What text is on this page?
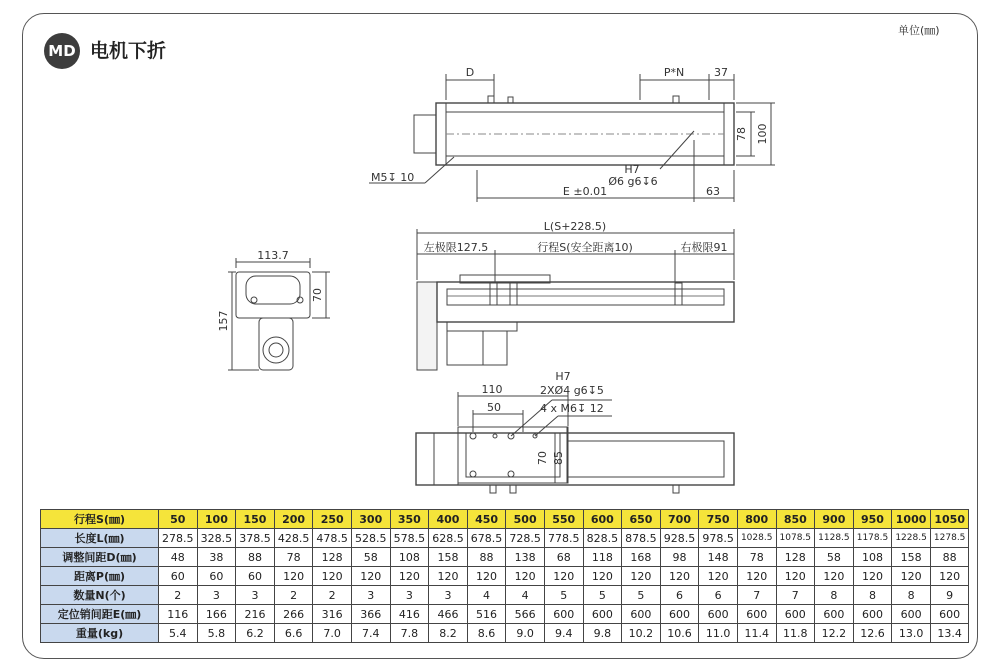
MD 电机下折
单位(㎜)
D	P*N	37
78 100
M5↧ 10
H7
Ø6 g6↧6
E ±0.01	63
L(S+228.5)
左极限127.5	行程S(安全距离10)	右极限91
113.7
70
157
H7
2XØ4 g6↧5
4 x M6↧ 12
110
50
70 85
行程S(㎜)	50	100	150	200	250	300	350	400	450	500	550	600	650	700	750	800	850	900	950	1000	1050
长度L(㎜)	278.5	328.5	378.5	428.5	478.5	528.5	578.5	628.5	678.5	728.5	778.5	828.5	878.5	928.5	978.5	1028.5	1078.5	1128.5	1178.5	1228.5	1278.5
调整间距D(㎜)	48	38	88	78	128	58	108	158	88	138	68	118	168	98	148	78	128	58	108	158	88
距离P(㎜)	60	60	60	120	120	120	120	120	120	120	120	120	120	120	120	120	120	120	120	120	120
数量N(个)	2	3	3	2	2	3	3	3	4	4	5	5	5	6	6	7	7	8	8	8	9
定位销间距E(㎜)	116	166	216	266	316	366	416	466	516	566	600	600	600	600	600	600	600	600	600	600	600
重量(kg)	5.4	5.8	6.2	6.6	7.0	7.4	7.8	8.2	8.6	9.0	9.4	9.8	10.2	10.6	11.0	11.4	11.8	12.2	12.6	13.0	13.4
